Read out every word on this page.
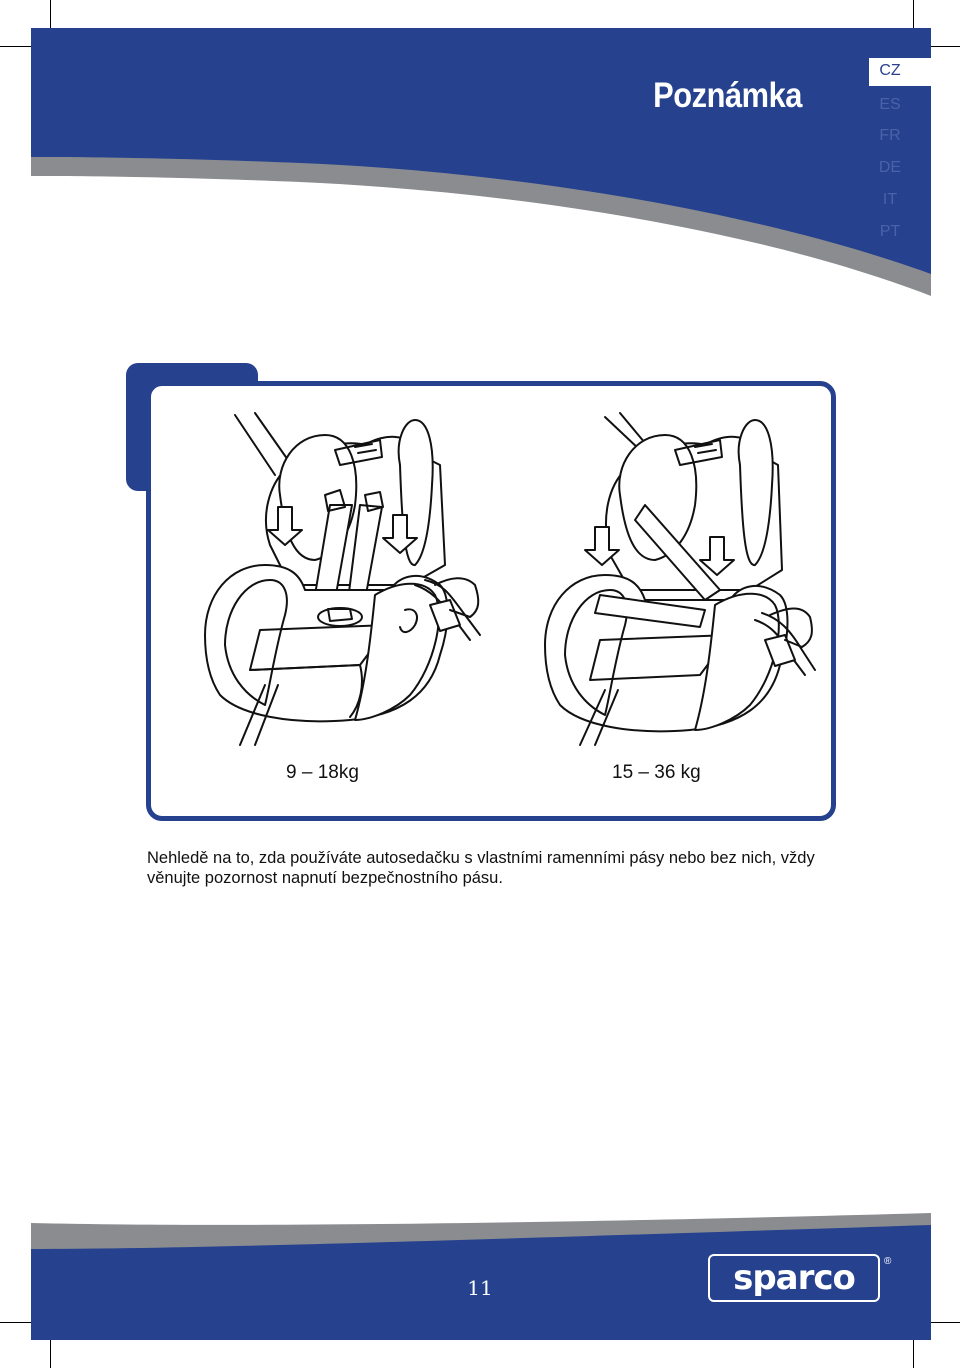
Poznámka
CZ
ES
FR
DE
IT
PT
9 – 18kg	15 – 36 kg
Nehledě na to, zda používáte autosedačku s vlastními ramenními pásy nebo bez nich, vždy věnujte pozornost napnutí bezpečnostního pásu.
11	sparco	®
